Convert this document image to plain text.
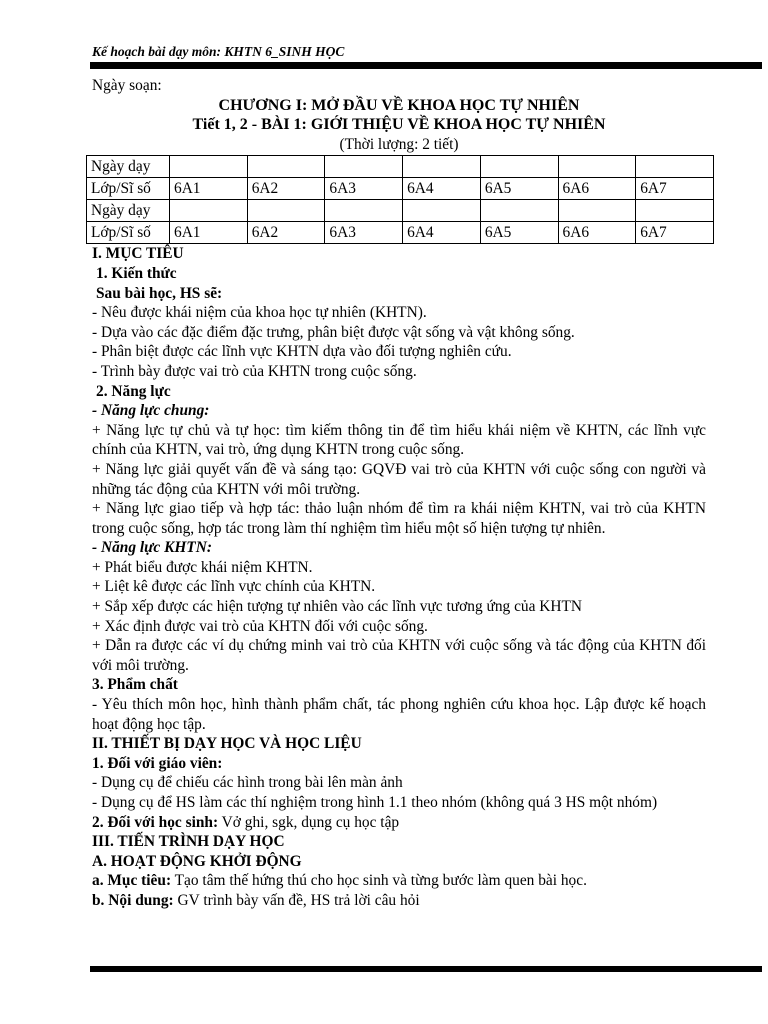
Kế hoạch bài dạy môn: KHTN 6_SINH HỌC

Ngày soạn:

CHƯƠNG I: MỞ ĐẦU VỀ KHOA HỌC TỰ NHIÊN

Tiết 1, 2 - BÀI 1: GIỚI THIỆU VỀ KHOA HỌC TỰ NHIÊN

(Thời lượng: 2 tiết)

Ngày dạy							
Lớp/Sĩ số	6A1	6A2	6A3	6A4	6A5	6A6	6A7
Ngày dạy							
Lớp/Sĩ số	6A1	6A2	6A3	6A4	6A5	6A6	6A7

I. MỤC TIÊU

1. Kiến thức

Sau bài học, HS sẽ:

- Nêu được khái niệm của khoa học tự nhiên (KHTN).

- Dựa vào các đặc điểm đặc trưng, phân biệt được vật sống và vật không sống.

- Phân biệt được các lĩnh vực KHTN dựa vào đối tượng nghiên cứu.

- Trình bày được vai trò của KHTN trong cuộc sống.

2. Năng lực

- Năng lực chung:

+ Năng lực tự chủ và tự học: tìm kiếm thông tin để tìm hiểu khái niệm về KHTN, các lĩnh vực chính của KHTN, vai trò, ứng dụng KHTN trong cuộc sống.

+ Năng lực giải quyết vấn đề và sáng tạo: GQVĐ vai trò của KHTN với cuộc sống con người và những tác động của KHTN với môi trường.

+ Năng lực giao tiếp và hợp tác: thảo luận nhóm để tìm ra khái niệm KHTN, vai trò của KHTN trong cuộc sống, hợp tác trong làm thí nghiệm tìm hiểu một số hiện tượng tự nhiên.

- Năng lực KHTN:

+ Phát biểu được khái niệm KHTN.

+ Liệt kê được các lĩnh vực chính của KHTN.

+ Sắp xếp được các hiện tượng tự nhiên vào các lĩnh vực tương ứng của KHTN

+ Xác định được vai trò của KHTN đối với cuộc sống.

+ Dẫn ra được các ví dụ chứng minh vai trò của KHTN với cuộc sống và tác động của KHTN đối với môi trường.

3. Phẩm chất

- Yêu thích môn học, hình thành phẩm chất, tác phong nghiên cứu khoa học. Lập được kế hoạch hoạt động học tập.

II. THIẾT BỊ DẠY HỌC VÀ HỌC LIỆU

1. Đối với giáo viên:

- Dụng cụ để chiếu các hình trong bài lên màn ảnh

- Dụng cụ để HS làm các thí nghiệm trong hình 1.1 theo nhóm (không quá 3 HS một nhóm)

2. Đối với học sinh: Vở ghi, sgk, dụng cụ học tập

III. TIẾN TRÌNH DẠY HỌC

A. HOẠT ĐỘNG KHỞI ĐỘNG

a. Mục tiêu: Tạo tâm thế hứng thú cho học sinh và từng bước làm quen bài học.

b. Nội dung: GV trình bày vấn đề, HS trả lời câu hỏi
